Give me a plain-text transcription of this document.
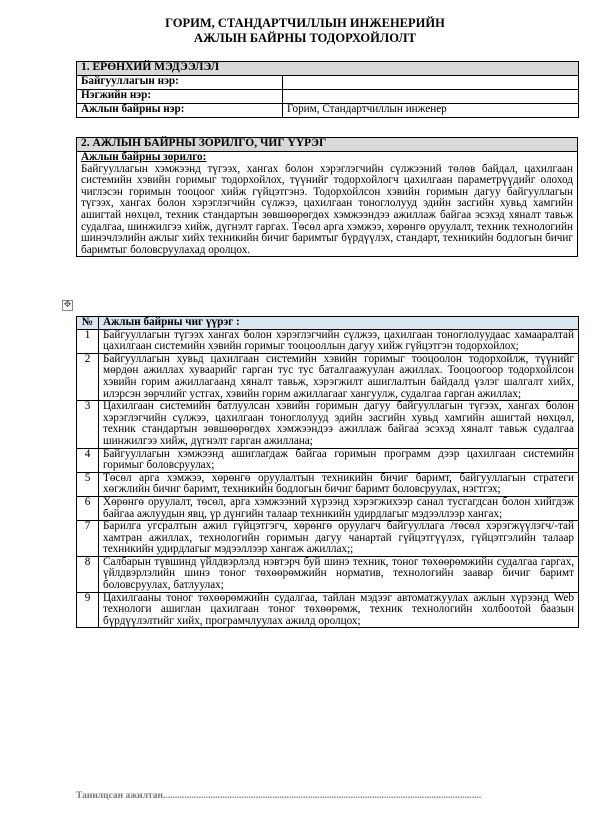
ГОРИМ, СТАНДАРТЧИЛЛЫН ИНЖЕНЕРИЙН
АЖЛЫН БАЙРНЫ ТОДОРХОЙЛОЛТ
1. ЕРӨНХИЙ МЭДЭЭЛЭЛ	
Байгууллагын нэр:	
Нэгжийн нэр:	
Ажлын байрны нэр:	Горим, Стандартчиллын инженер
2. АЖЛЫН БАЙРНЫ ЗОРИЛГО, ЧИГ ҮҮРЭГ

Ажлын байрны зорилго:
Байгууллагын хэмжээнд түгээх, хангах болон хэрэглэгчийн сүлжээний төлөв байдал, цахилгаан системийн хэвийн горимыг тодорхойлох, түүнийг тодорхойлогч цахилгаан параметрүүдийг олоход чиглэсэн горимын тооцоог хийж гүйцэтгэнэ. Тодорхойлсон хэвийн горимын дагуу байгууллагын түгээх, хангах болон хэрэглэгчийн сүлжээ, цахилгаан тоноглолууд эдийн засгийн хувьд хамгийн ашигтай нөхцөл, техник стандартын зөвшөөрөгдөх хэмжээндээ ажиллаж байгаа эсэхэд хяналт тавьж судалгаа, шинжилгээ хийж, дүгнэлт гаргах. Төсөл арга хэмжээ, хөрөнгө оруулалт, техник технологийн шинэчлэлийн ажлыг хийх техникийн бичиг баримтыг бүрдүүлэх, стандарт, техникийн бодлогын бичиг баримтыг боловсруулахад оролцох.
✥
№	Ажлын байрны чиг үүрэг :
1	Байгууллагын түгээх хангах болон хэрэглэгчийн сүлжээ, цахилгаан тоноглолуудаас хамааралтай цахилгаан системийн хэвийн горимыг тооцооллын дагуу хийж гүйцэтгэн тодорхойлох;
2	Байгууллагын хувьд цахилгаан системийн хэвийн горимыг тооцоолон тодорхойлж, түүнийг мөрдөн ажиллах хуваарийг гарган тус тус баталгаажуулан ажиллах. Тооцоогоор тодорхойлсон хэвийн горим ажиллагаанд хяналт тавьж, хэрэгжилт ашиглалтын байдалд үзлэг шалгалт хийх, илэрсэн зөрчлийг устгах, хэвийн горим ажиллагааг хангуулж, судалгаа гарган ажиллах;
3	Цахилгаан системийн батлуулсан хэвийн горимын дагуу байгууллагын түгээх, хангах болон хэрэглэгчийн сүлжээ, цахилгаан тоноглолууд эдийн засгийн хувьд хамгийн ашигтай нөхцөл, техник стандартын зөвшөөрөгдөх хэмжээндээ ажиллаж байгаа эсэхэд хяналт тавьж судалгаа шинжилгээ хийж, дүгнэлт гарган ажиллана;
4	Байгууллагын хэмжээнд ашиглагдаж байгаа горимын программ дээр цахилгаан системийн горимыг боловсруулах;
5	Төсөл арга хэмжээ, хөрөнгө оруулалтын техникийн бичиг баримт, байгууллагын стратеги хөгжлийн бичиг баримт, техникийн бодлогын бичиг баримт боловсруулах, нэгтгэх;
6	Хөрөнгө оруулалт, төсөл, арга хэмжээний хүрээнд хэрэгжихээр санал тусгагдсан болон хийгдэж байгаа ажлуудын явц, үр дүнгийн талаар техникийн удирдлагыг мэдээллээр хангах;
7	Барилга угсралтын ажил гүйцэтгэгч, хөрөнгө оруулагч байгууллага /төсөл хэрэгжүүлэгч/-тай хамтран ажиллах, технологийн горимын дагуу чанартай гүйцэтгүүлэх, гүйцэтгэлийн талаар техникийн удирдлагыг мэдээллээр хангаж ажиллах;;
8	Салбарын түвшинд үйлдвэрлэлд нэвтэрч буй шинэ техник, тоног төхөөрөмжийн судалгаа гаргах, үйлдвэрлэлийн шинэ тоног төхөөрөмжийн норматив, технологийн заавар бичиг баримт боловсруулах, батлуулах;
9	Цахилгааны тоног төхөөрөмжийн судалгаа, тайлан мэдээг автоматжуулах ажлын хүрээнд Web технологи ашиглан цахилгаан тоног төхөөрөмж, техник технологийн холбоотой баазын бүрдүүлэлтийг хийх, програмчлуулах ажилд оролцох;
Танилцсан ажилтан......................................................................................................................................
